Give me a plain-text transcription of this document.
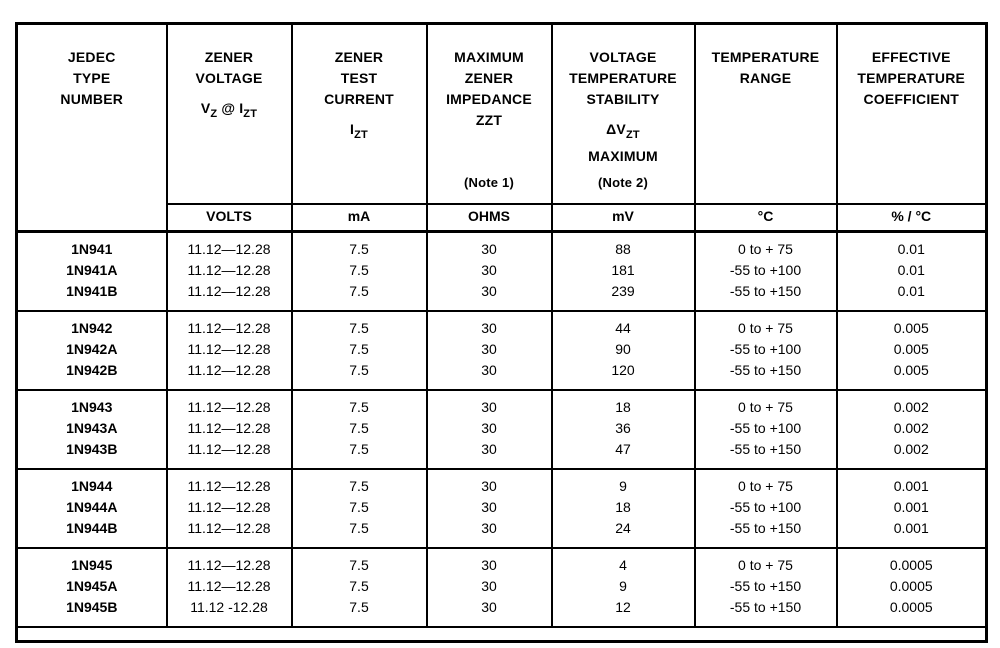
JEDEC
TYPE
NUMBER

ZENER
VOLTAGE
$V_Z$ @ $I_{ZT}$

ZENER
TEST
CURRENT
$I_{ZT}$

MAXIMUM
ZENER
IMPEDANCE
ZZT
(Note 1)

VOLTAGE
TEMPERATURE
STABILITY
$\Delta V_{ZT}$
MAXIMUM
(Note 2)

TEMPERATURE
RANGE

EFFECTIVE
TEMPERATURE
COEFFICIENT

	VOLTS	mA	OHMS	mV	°C	% / °C
1N941	11.12—12.28	7.5	30	88	0 to + 75	0.01
1N941A	11.12—12.28	7.5	30	181	-55 to +100	0.01
1N941B	11.12—12.28	7.5	30	239	-55 to +150	0.01
1N942	11.12—12.28	7.5	30	44	0 to + 75	0.005
1N942A	11.12—12.28	7.5	30	90	-55 to +100	0.005
1N942B	11.12—12.28	7.5	30	120	-55 to +150	0.005
1N943	11.12—12.28	7.5	30	18	0 to + 75	0.002
1N943A	11.12—12.28	7.5	30	36	-55 to +100	0.002
1N943B	11.12—12.28	7.5	30	47	-55 to +150	0.002
1N944	11.12—12.28	7.5	30	9	0 to + 75	0.001
1N944A	11.12—12.28	7.5	30	18	-55 to +100	0.001
1N944B	11.12—12.28	7.5	30	24	-55 to +150	0.001
1N945	11.12—12.28	7.5	30	4	0 to + 75	0.0005
1N945A	11.12—12.28	7.5	30	9	-55 to +150	0.0005
1N945B	11.12 -12.28	7.5	30	12	-55 to +150	0.0005
